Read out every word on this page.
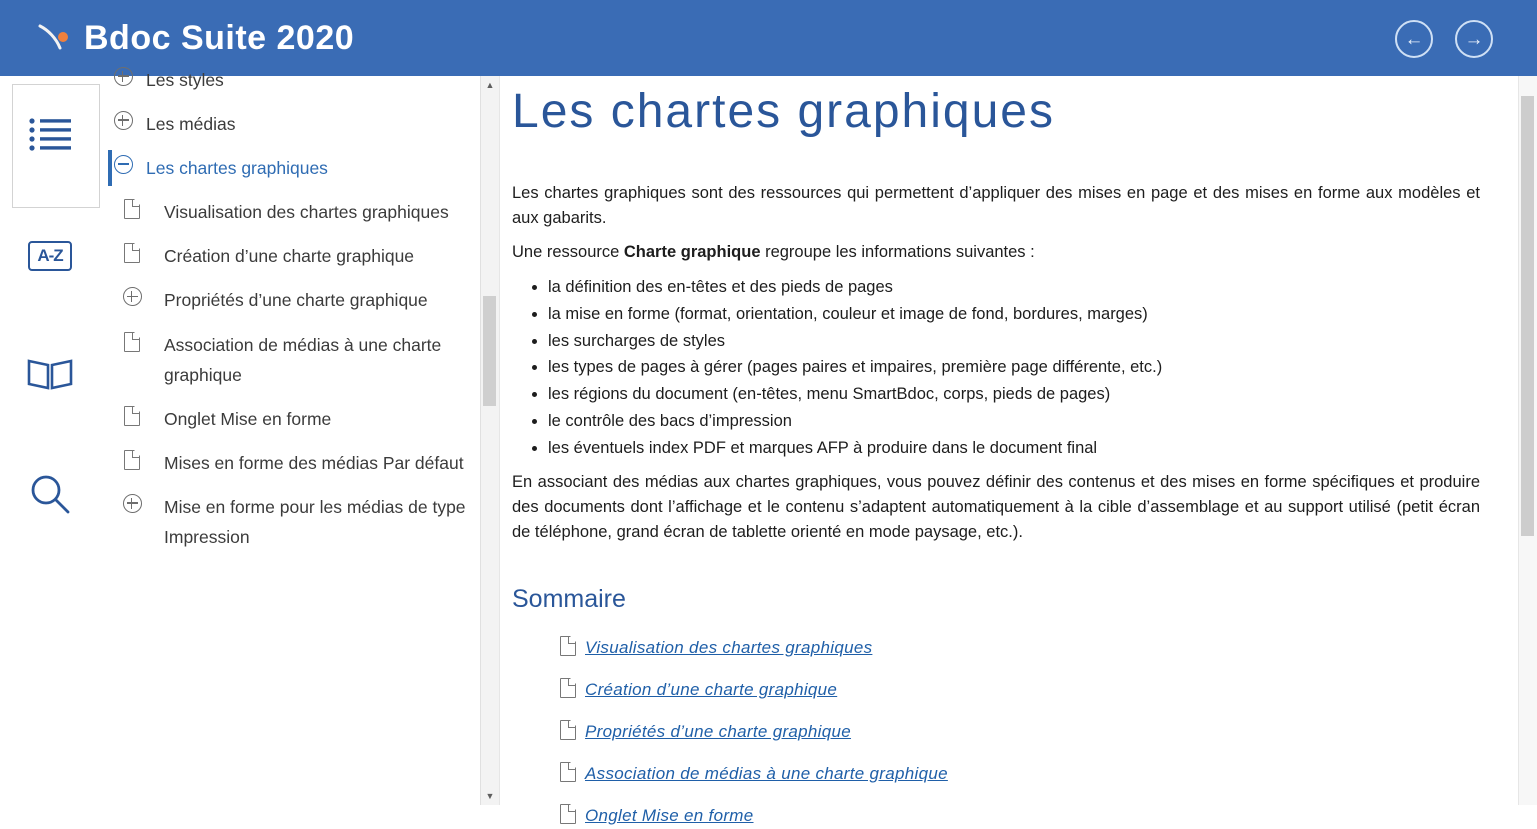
Bdoc Suite 2020	←	→
A-Z
Les styles
Les médias
Les chartes graphiques
Visualisation des chartes graphiques
Création d’une charte graphique
Propriétés d’une charte graphique
Association de médias à une charte graphique
Onglet Mise en forme
Mises en forme des médias Par défaut
Mise en forme pour les médias de type Impression
▲
▼
Les chartes graphiques

Les chartes graphiques sont des ressources qui permettent d’appliquer des mises en page et des mises en forme aux modèles et aux gabarits.

Une ressource Charte graphique regroupe les informations suivantes :

• la définition des en-têtes et des pieds de pages
• la mise en forme (format, orientation, couleur et image de fond, bordures, marges)
• les surcharges de styles
• les types de pages à gérer (pages paires et impaires, première page différente, etc.)
• les régions du document (en-têtes, menu SmartBdoc, corps, pieds de pages)
• le contrôle des bacs d’impression
• les éventuels index PDF et marques AFP à produire dans le document final

En associant des médias aux chartes graphiques, vous pouvez définir des contenus et des mises en forme spécifiques et produire des documents dont l’affichage et le contenu s’adaptent automatiquement à la cible d’assemblage et au support utilisé (petit écran de téléphone, grand écran de tablette orienté en mode paysage, etc.).

Sommaire
Visualisation des chartes graphiques
Création d’une charte graphique
Propriétés d’une charte graphique
Association de médias à une charte graphique
Onglet Mise en forme
